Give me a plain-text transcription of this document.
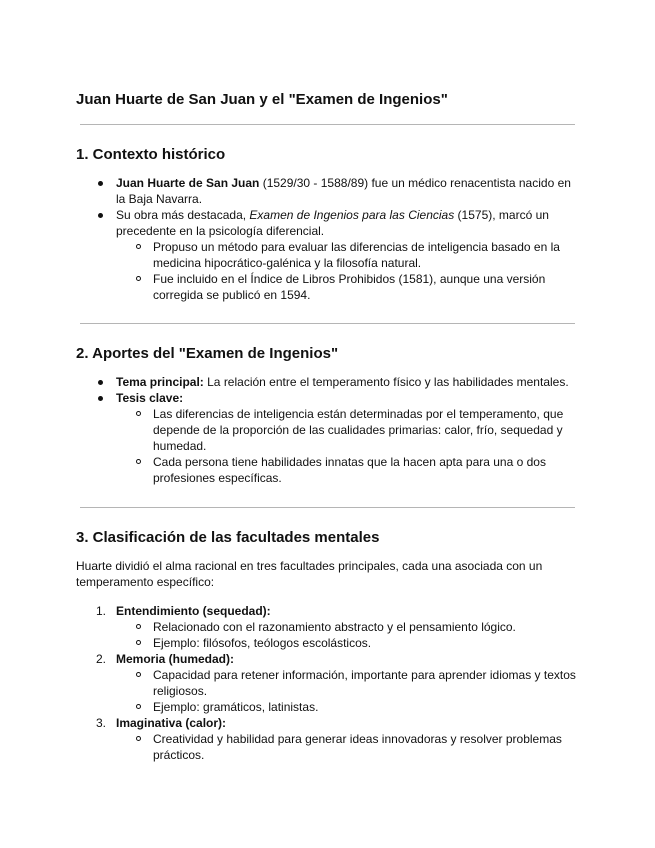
Juan Huarte de San Juan y el "Examen de Ingenios"
1. Contexto histórico
Juan Huarte de San Juan (1529/30 - 1588/89) fue un médico renacentista nacido en la Baja Navarra.
Su obra más destacada, Examen de Ingenios para las Ciencias (1575), marcó un precedente en la psicología diferencial.
Propuso un método para evaluar las diferencias de inteligencia basado en la medicina hipocrático-galénica y la filosofía natural.
Fue incluido en el Índice de Libros Prohibidos (1581), aunque una versión corregida se publicó en 1594.
2. Aportes del "Examen de Ingenios"
Tema principal: La relación entre el temperamento físico y las habilidades mentales.
Tesis clave:
Las diferencias de inteligencia están determinadas por el temperamento, que depende de la proporción de las cualidades primarias: calor, frío, sequedad y humedad.
Cada persona tiene habilidades innatas que la hacen apta para una o dos profesiones específicas.
3. Clasificación de las facultades mentales

Huarte dividió el alma racional en tres facultades principales, cada una asociada con un temperamento específico:

1. Entendimiento (sequedad):
Relacionado con el razonamiento abstracto y el pensamiento lógico.
Ejemplo: filósofos, teólogos escolásticos.
2. Memoria (humedad):
Capacidad para retener información, importante para aprender idiomas y textos religiosos.
Ejemplo: gramáticos, latinistas.
3. Imaginativa (calor):
Creatividad y habilidad para generar ideas innovadoras y resolver problemas prácticos.
